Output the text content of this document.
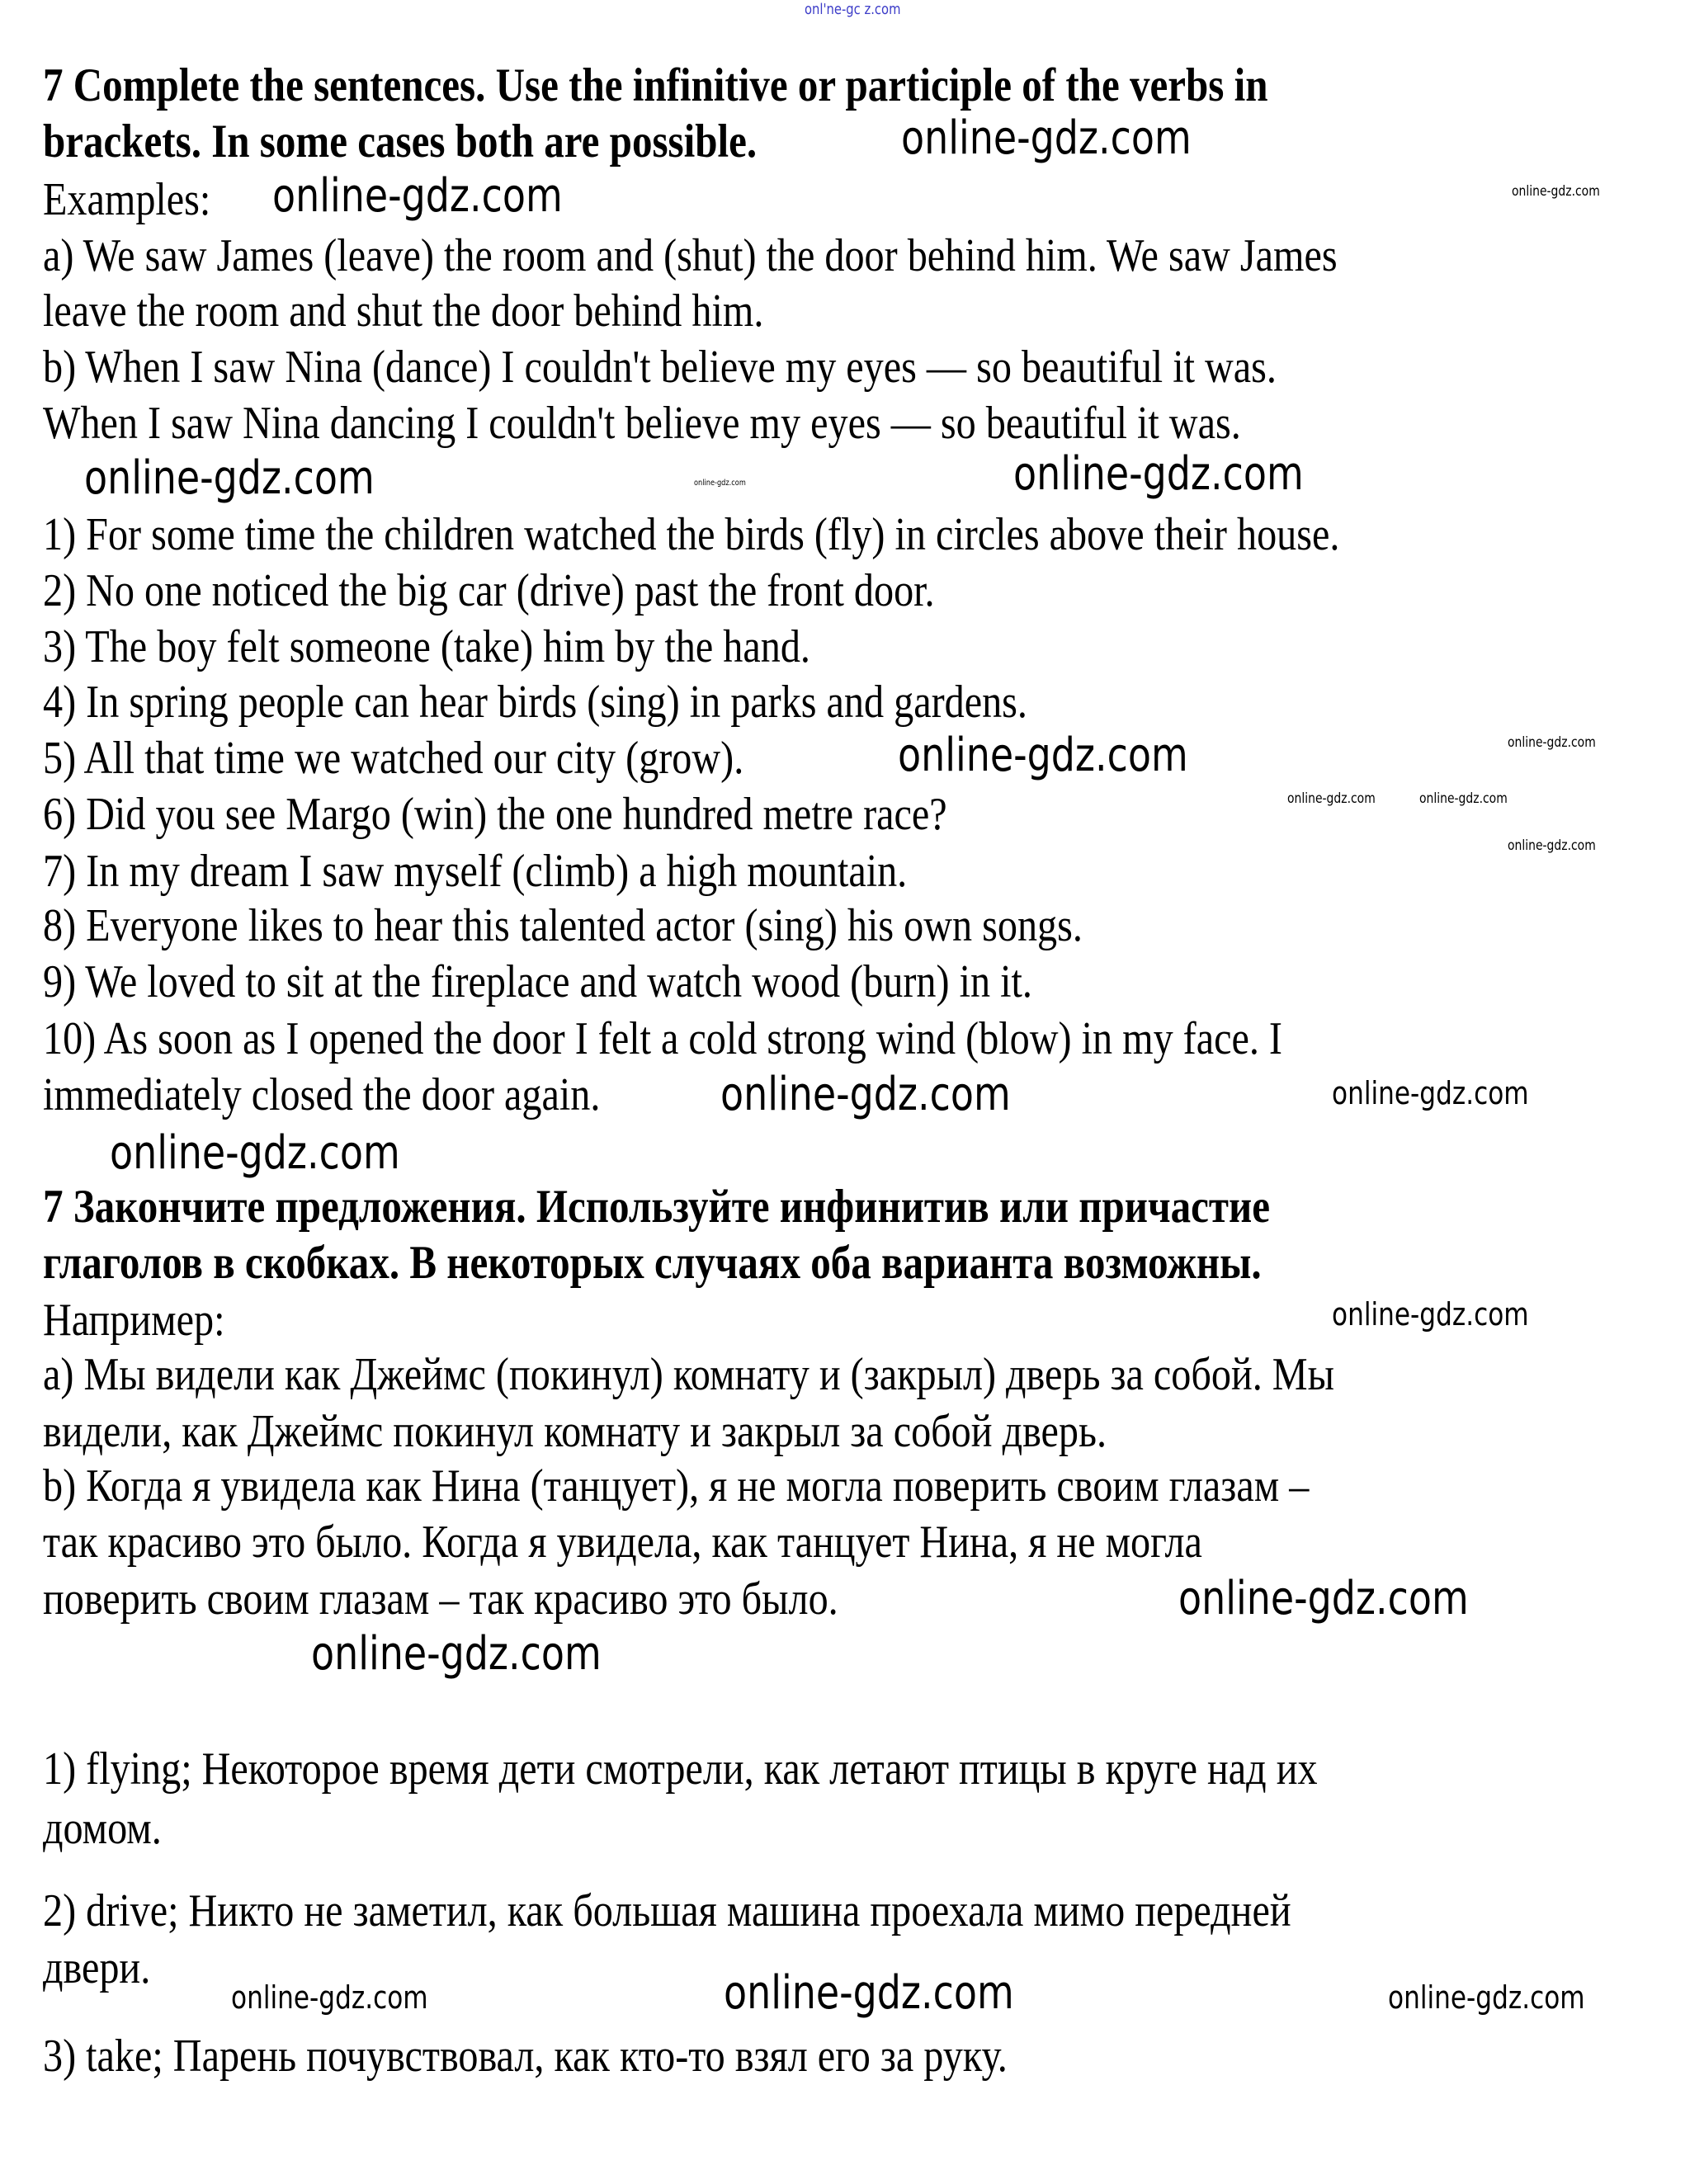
onl'ne-gc z.com
7 Complete the sentences. Use the infinitive or participle of the verbs in
brackets. In some cases both are possible.
Examples:
a) We saw James (leave) the room and (shut) the door behind him. We saw James
leave the room and shut the door behind him.
b) When I saw Nina (dance) I couldn't believe my eyes — so beautiful it was.
When I saw Nina dancing I couldn't believe my eyes — so beautiful it was.
1) For some time the children watched the birds (fly) in circles above their house.
2) No one noticed the big car (drive) past the front door.
3) The boy felt someone (take) him by the hand.
4) In spring people can hear birds (sing) in parks and gardens.
5) All that time we watched our city (grow).
6) Did you see Margo (win) the one hundred metre race?
7) In my dream I saw myself (climb) a high mountain.
8) Everyone likes to hear this talented actor (sing) his own songs.
9) We loved to sit at the fireplace and watch wood (burn) in it.
10) As soon as I opened the door I felt a cold strong wind (blow) in my face. I
immediately closed the door again.
7 Закончите предложения. Используйте инфинитив или причастие
глаголов в скобках. В некоторых случаях оба варианта возможны.
Например:
а) Мы видели как Джеймс (покинул) комнату и (закрыл) дверь за собой. Мы
видели, как Джеймс покинул комнату и закрыл за собой дверь.
b) Когда я увидела как Нина (танцует), я не могла поверить своим глазам –
так красиво это было. Когда я увидела, как танцует Нина, я не могла
поверить своим глазам – так красиво это было.
1) flying; Некоторое время дети смотрели, как летают птицы в круге над их
домом.
2) drive; Никто не заметил, как большая машина проехала мимо передней
двери.
3) take; Парень почувствовал, как кто-то взял его за руку.
online-gdz.com
online-gdz.com	online-gdz.com
online-gdz.com
online-gdz.com	online-gdz.com
online-gdz.com
online-gdz.com
online-gdz.com	online-gdz.com
online-gdz.com
online-gdz.com
online-gdz.com
online-gdz.com
online-gdz.com
online-gdz.com
online-gdz.com
online-gdz.com	online-gdz.com	online-gdz.com
